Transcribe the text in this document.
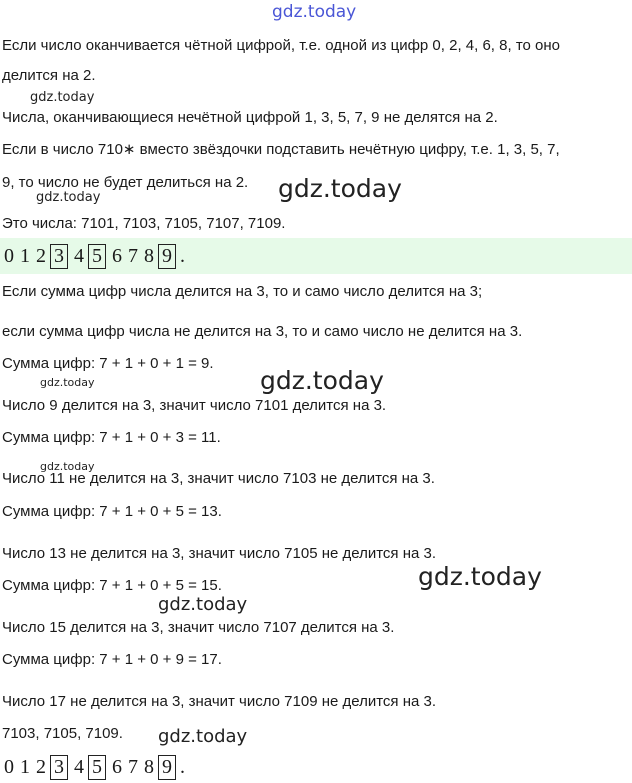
gdz.today
Если число оканчивается чётной цифрой, т.е. одной из цифр 0, 2, 4, 6, 8, то оно
делится на 2.
Числа, оканчивающиеся нечётной цифрой 1, 3, 5, 7, 9 не делятся на 2.
Если в число 710∗ вместо звёздочки подставить нечётную цифру, т.е. 1, 3, 5, 7,
9, то число не будет делиться на 2.
Это числа: 7101, 7103, 7105, 7107, 7109.
0 1 2 3 4 5 6 7 8 9 .
Если сумма цифр числа делится на 3, то и само число делится на 3;
если сумма цифр числа не делится на 3, то и само число не делится на 3.
Сумма цифр: 7 + 1 + 0 + 1 = 9.
Число 9 делится на 3, значит число 7101 делится на 3.
Сумма цифр: 7 + 1 + 0 + 3 = 11.
Число 11 не делится на 3, значит число 7103 не делится на 3.
Сумма цифр: 7 + 1 + 0 + 5 = 13.
Число 13 не делится на 3, значит число 7105 не делится на 3.
Сумма цифр: 7 + 1 + 0 + 5 = 15.
Число 15 делится на 3, значит число 7107 делится на 3.
Сумма цифр: 7 + 1 + 0 + 9 = 17.
Число 17 не делится на 3, значит число 7109 не делится на 3.
7103, 7105, 7109.
0 1 2 3 4 5 6 7 8 9 .
gdz.today
gdz.today	gdz.today
gdz.today	gdz.today
gdz.today
gdz.today
gdz.today
gdz.today
